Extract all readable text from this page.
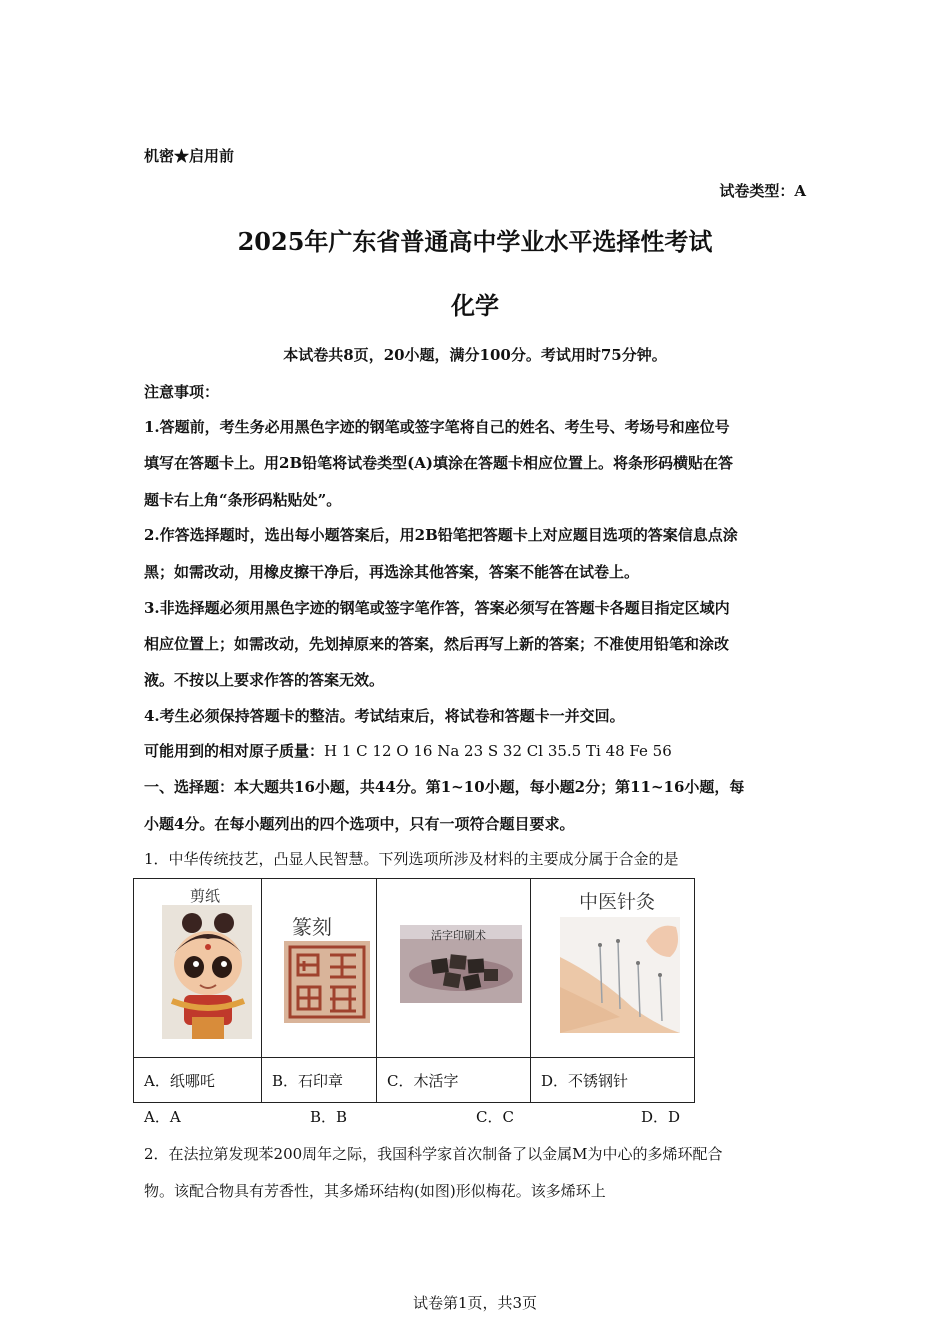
机密★启用前
试卷类型：A
2025年广东省普通高中学业水平选择性考试
化学
本试卷共8页，20小题，满分100分。考试用时75分钟。
注意事项：
1.答题前，考生务必用黑色字迹的钢笔或签字笔将自己的姓名、考生号、考场号和座位号
填写在答题卡上。用2B铅笔将试卷类型(A)填涂在答题卡相应位置上。将条形码横贴在答
题卡右上角“条形码粘贴处”。
2.作答选择题时，选出每小题答案后，用2B铅笔把答题卡上对应题目选项的答案信息点涂
黑；如需改动，用橡皮擦干净后，再选涂其他答案，答案不能答在试卷上。
3.非选择题必须用黑色字迹的钢笔或签字笔作答，答案必须写在答题卡各题目指定区域内
相应位置上；如需改动，先划掉原来的答案，然后再写上新的答案；不准使用铅笔和涂改
液。不按以上要求作答的答案无效。
4.考生必须保持答题卡的整洁。考试结束后，将试卷和答题卡一并交回。
可能用到的相对原子质量：H 1 C 12 O 16 Na 23 S 32 Cl 35.5 Ti 48 Fe 56
一、选择题：本大题共16小题，共44分。第1~10小题，每小题2分；第11~16小题，每
小题4分。在每小题列出的四个选项中，只有一项符合题目要求。
1．中华传统技艺，凸显人民智慧。下列选项所涉及材料的主要成分属于合金的是
剪纸	篆刻	活字印刷术	中医针灸

A．纸哪吒	B．石印章	C．木活字	D．不锈钢针
A．A	B．B	C．C	D．D
2．在法拉第发现苯200周年之际，我国科学家首次制备了以金属M为中心的多烯环配合
物。该配合物具有芳香性，其多烯环结构(如图)形似梅花。该多烯环上
试卷第1页，共3页
